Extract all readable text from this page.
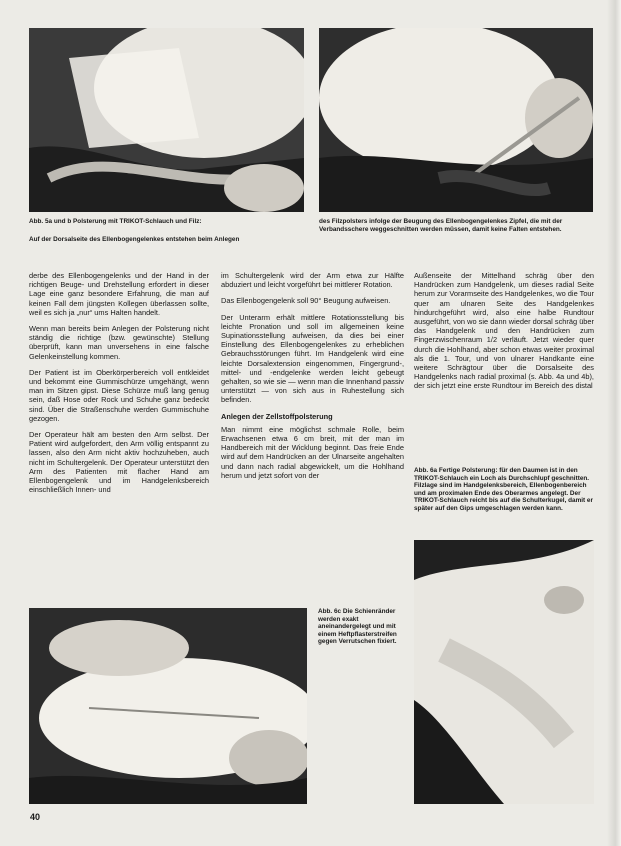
Abb. 5a und b Polsterung mit TRIKOT-Schlauch und Filz:
Auf der Dorsalseite des Ellenbogengelenkes entstehen beim Anlegen
des Filzpolsters infolge der Beugung des Ellenbogengelenkes Zipfel, die mit der Verbandsschere weggeschnitten werden müssen, damit keine Falten entstehen.

derbe des Ellenbogengelenks und der Hand in der richtigen Beuge- und Drehstellung erfordert in dieser Lage eine ganz besondere Erfahrung, die man auf keinen Fall dem jüngsten Kollegen überlassen sollte, weil es sich ja „nur“ ums Halten handelt.

Wenn man bereits beim Anlegen der Polsterung nicht ständig die richtige (bzw. gewünschte) Stellung überprüft, kann man unversehens in eine falsche Gelenkeinstellung kommen.

Der Patient ist im Oberkörperbereich voll entkleidet und bekommt eine Gummischürze umgehängt, wenn man im Sitzen gipst. Diese Schürze muß lang genug sein, daß Hose oder Rock und Schuhe ganz bedeckt sind. Über die Straßenschuhe werden Gummischuhe gezogen.

Der Operateur hält am besten den Arm selbst. Der Patient wird aufgefordert, den Arm völlig entspannt zu lassen, also den Arm nicht aktiv hochzuheben, auch nicht im Schultergelenk. Der Operateur unterstützt den Arm des Patienten mit flacher Hand am Ellenbogengelenk und im Handgelenksbereich einschließlich Innen- und

im Schultergelenk wird der Arm etwa zur Hälfte abduziert und leicht vorgeführt bei mittlerer Rotation.

Das Ellenbogengelenk soll 90° Beugung aufweisen.

Der Unterarm erhält mittlere Rotationsstellung bis leichte Pronation und soll im allgemeinen keine Supinationsstellung aufweisen, da dies bei einer Einstellung des Ellenbogengelenkes zu erheblichen Gebrauchsstörungen führt. Im Handgelenk wird eine leichte Dorsalextension eingenommen, Fingergrund-, mittel- und -endgelenke werden leicht gebeugt gehalten, so wie sie — wenn man die Innenhand passiv unterstützt — von sich aus in Ruhestellung sich befinden.

Anlegen der Zellstoffpolsterung

Man nimmt eine möglichst schmale Rolle, beim Erwachsenen etwa 6 cm breit, mit der man im Handbereich mit der Wicklung beginnt. Das freie Ende wird auf dem Handrücken an der Ulnarseite angehalten und dann nach radial abgewickelt, um die Hohlhand herum und jetzt sofort von der

Außenseite der Mittelhand schräg über den Handrücken zum Handgelenk, um dieses radial Seite herum zur Vorarmseite des Handgelenkes, wo die Tour quer am ulnaren Seite des Handgelenkes hindurchgeführt wird, also eine halbe Rundtour ausgeführt, von wo sie dann wieder dorsal schräg über das Handgelenk und den Handrücken zum Fingerzwischenraum 1/2 verläuft. Jetzt wieder quer durch die Hohlhand, aber schon etwas weiter proximal als die 1. Tour, und von ulnarer Handkante eine weitere Schrägtour über die Dorsalseite des Handgelenks nach radial proximal (s. Abb. 4a und 4b), der sich jetzt eine erste Rundtour im Bereich des distal

Abb. 6a Fertige Polsterung: für den Daumen ist in den TRIKOT-Schlauch ein Loch als Durchschlupf geschnitten. Filzlage sind im Handgelenksbereich, Ellenbogenbereich und am proximalen Ende des Oberarmes angelegt. Der TRIKOT-Schlauch reicht bis auf die Schulterkugel, damit er später auf den Gips umgeschlagen werden kann.
Abb. 6c Die Schienränder werden exakt aneinandergelegt und mit einem Heftpflasterstreifen gegen Verrutschen fixiert.
40
